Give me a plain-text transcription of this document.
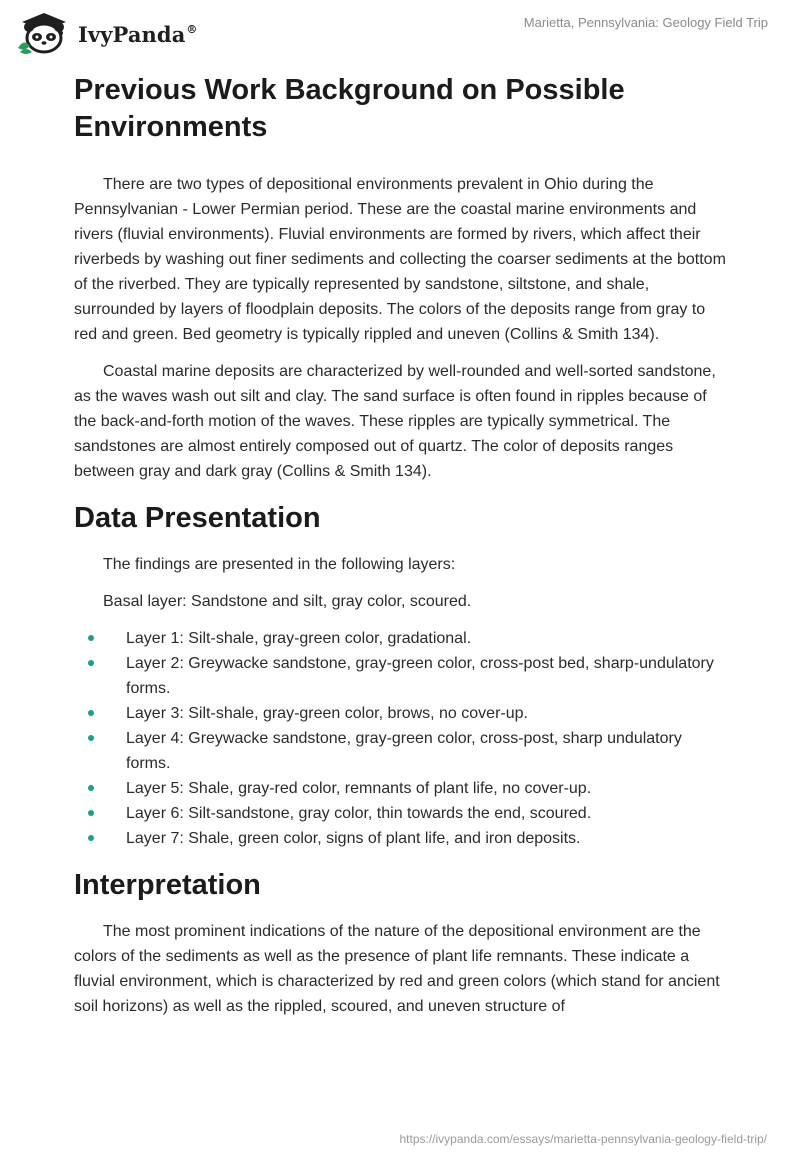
IvyPanda®	Marietta, Pennsylvania: Geology Field Trip
Previous Work Background on Possible Environments

There are two types of depositional environments prevalent in Ohio during the Pennsylvanian - Lower Permian period. These are the coastal marine environments and rivers (fluvial environments). Fluvial environments are formed by rivers, which affect their riverbeds by washing out finer sediments and collecting the coarser sediments at the bottom of the riverbed. They are typically represented by sandstone, siltstone, and shale, surrounded by layers of floodplain deposits. The colors of the deposits range from gray to red and green. Bed geometry is typically rippled and uneven (Collins & Smith 134).

Coastal marine deposits are characterized by well-rounded and well-sorted sandstone, as the waves wash out silt and clay. The sand surface is often found in ripples because of the back-and-forth motion of the waves. These ripples are typically symmetrical. The sandstones are almost entirely composed out of quartz. The color of deposits ranges between gray and dark gray (Collins & Smith 134).

Data Presentation

The findings are presented in the following layers:

Basal layer: Sandstone and silt, gray color, scoured.

Layer 1: Silt-shale, gray-green color, gradational.
Layer 2: Greywacke sandstone, gray-green color, cross-post bed, sharp-undulatory forms.
Layer 3: Silt-shale, gray-green color, brows, no cover-up.
Layer 4: Greywacke sandstone, gray-green color, cross-post, sharp undulatory forms.
Layer 5: Shale, gray-red color, remnants of plant life, no cover-up.
Layer 6: Silt-sandstone, gray color, thin towards the end, scoured.
Layer 7: Shale, green color, signs of plant life, and iron deposits.
Interpretation

The most prominent indications of the nature of the depositional environment are the colors of the sediments as well as the presence of plant life remnants. These indicate a fluvial environment, which is characterized by red and green colors (which stand for ancient soil horizons) as well as the rippled, scoured, and uneven structure of

https://ivypanda.com/essays/marietta-pennsylvania-geology-field-trip/
